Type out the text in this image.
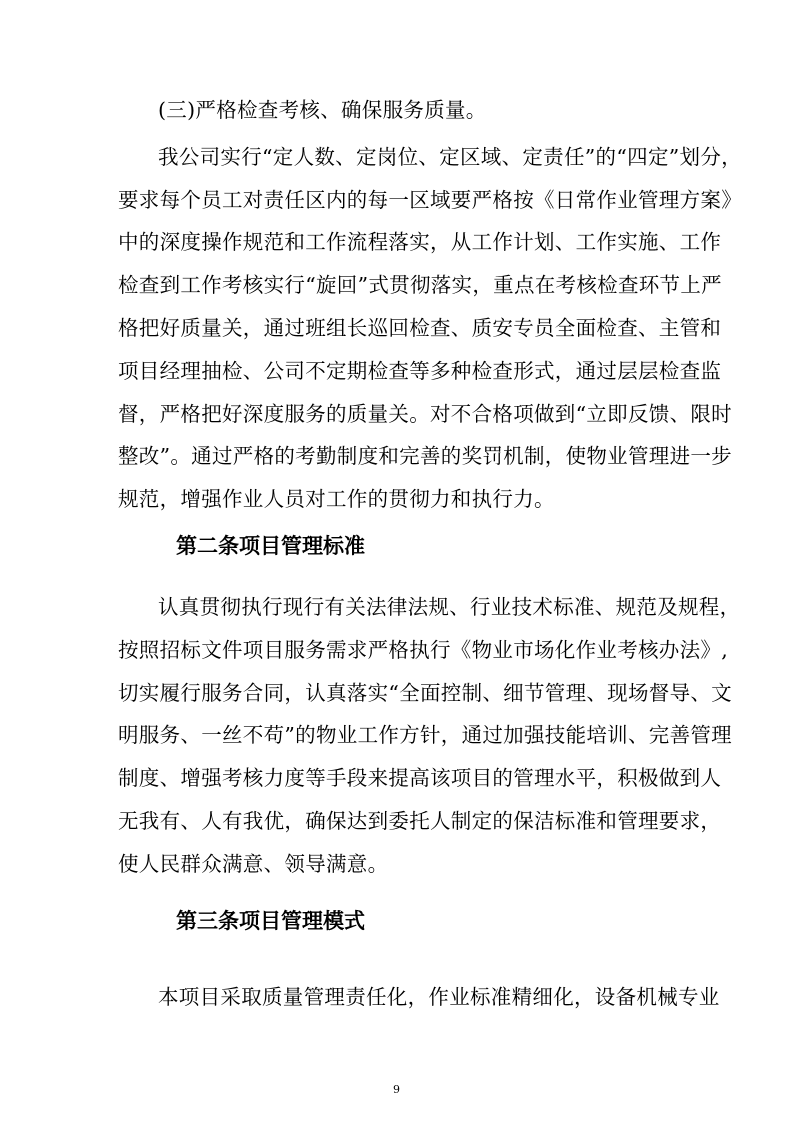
(三)严格检查考核、确保服务质量。
我公司实行“定人数、定岗位、定区域、定责任”的“四定”划分，
要求每个员工对责任区内的每一区域要严格按《日常作业管理方案》
中的深度操作规范和工作流程落实，从工作计划、工作实施、工作
检查到工作考核实行“旋回”式贯彻落实，重点在考核检查环节上严
格把好质量关，通过班组长巡回检查、质安专员全面检查、主管和
项目经理抽检、公司不定期检查等多种检查形式，通过层层检查监
督，严格把好深度服务的质量关。对不合格项做到“立即反馈、限时
整改”。通过严格的考勤制度和完善的奖罚机制，使物业管理进一步
规范，增强作业人员对工作的贯彻力和执行力。
第二条项目管理标准
认真贯彻执行现行有关法律法规、行业技术标准、规范及规程，
按照招标文件项目服务需求严格执行《物业市场化作业考核办法》,
切实履行服务合同，认真落实“全面控制、细节管理、现场督导、文
明服务、一丝不苟”的物业工作方针，通过加强技能培训、完善管理
制度、增强考核力度等手段来提高该项目的管理水平，积极做到人
无我有、人有我优，确保达到委托人制定的保洁标准和管理要求，
使人民群众满意、领导满意。
第三条项目管理模式
本项目采取质量管理责任化，作业标准精细化，设备机械专业
9
